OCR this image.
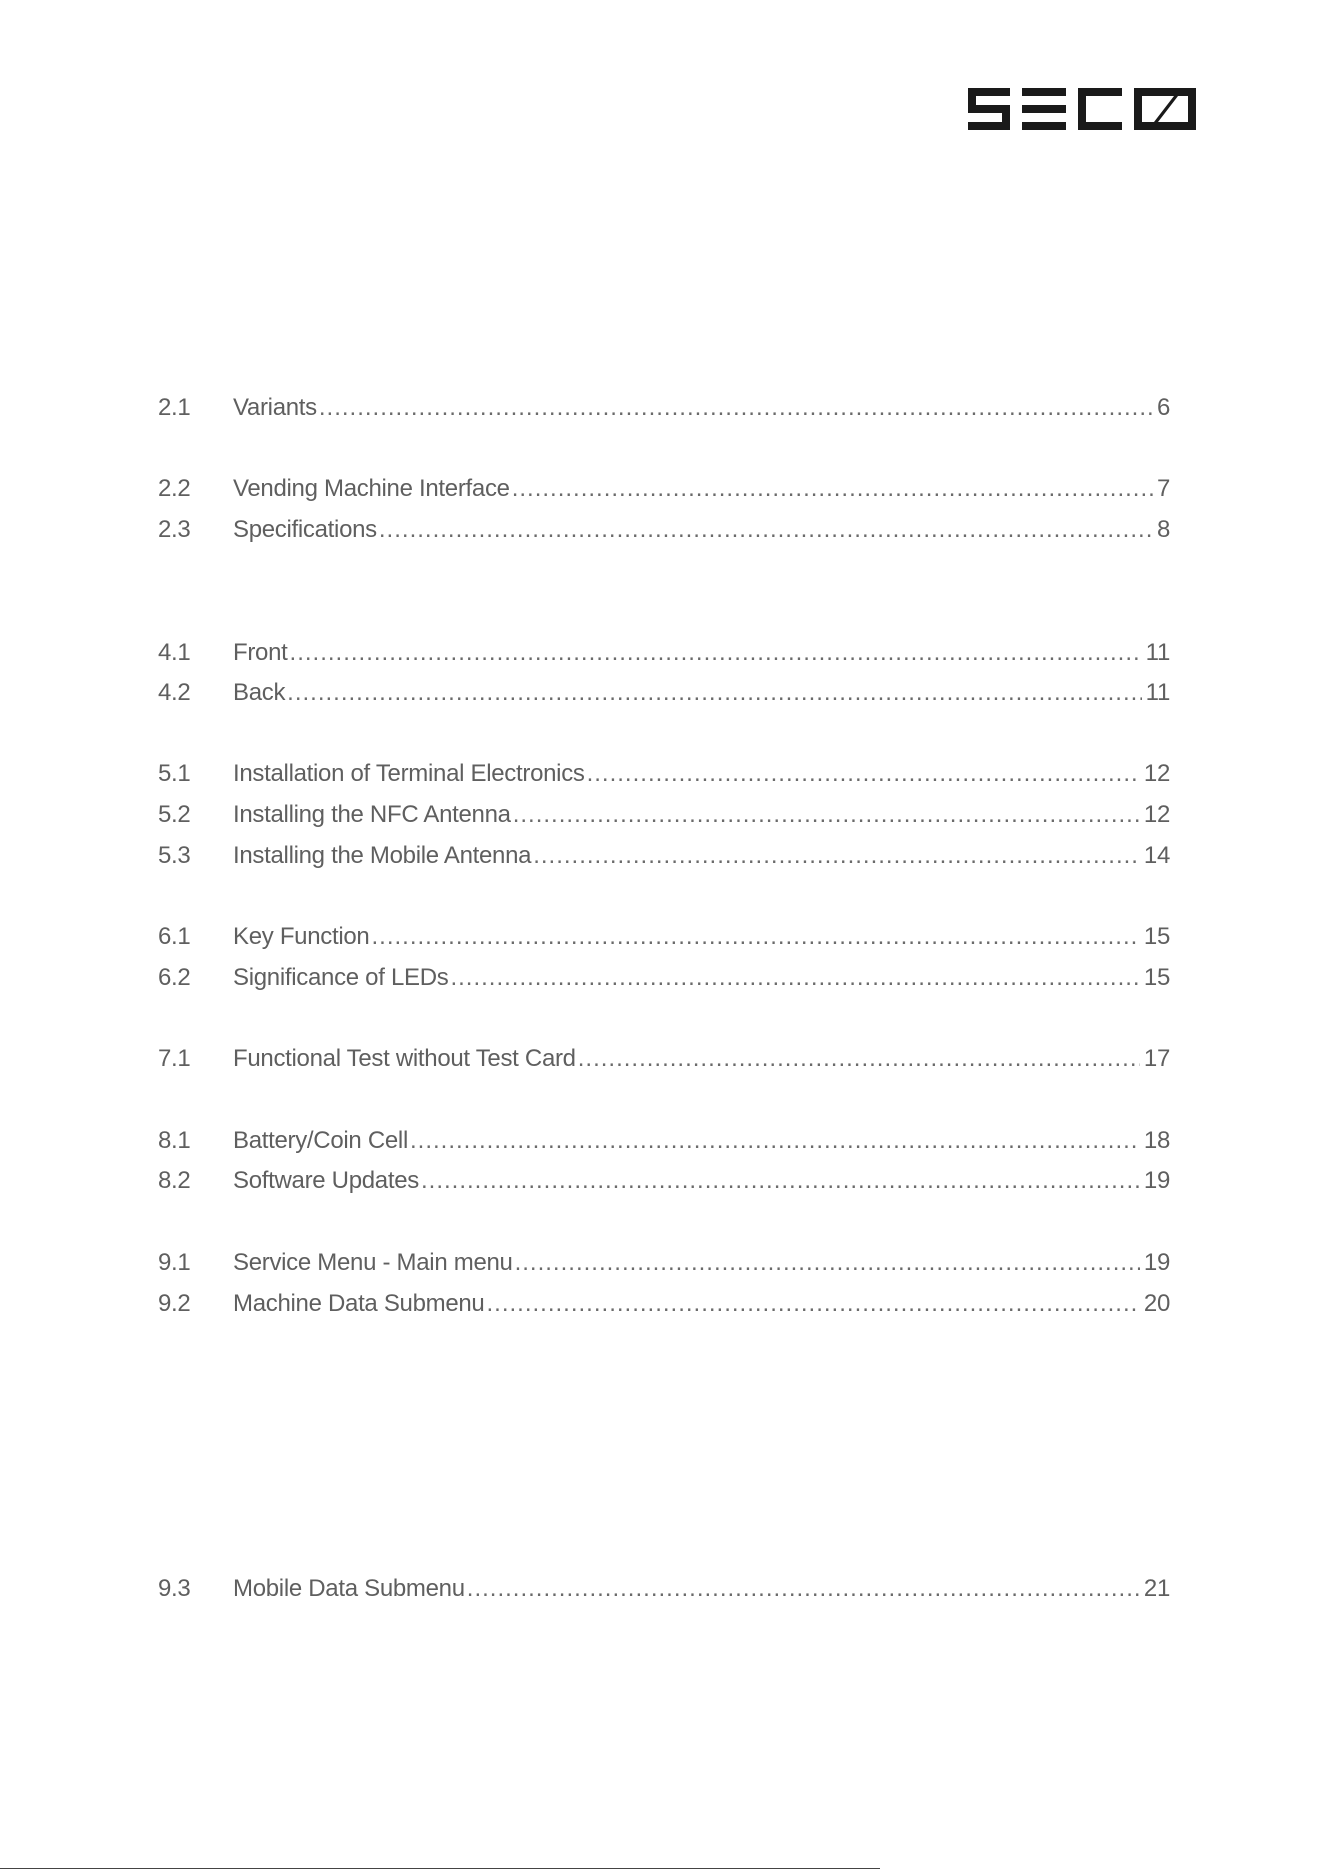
2.1	Variants .....	6
2.2	Vending Machine Interface .....	7
2.3	Specifications .....	8
4.1	Front .....	11
4.2	Back .....	11
5.1	Installation of Terminal Electronics .....	12
5.2	Installing the NFC Antenna .....	12
5.3	Installing the Mobile Antenna .....	14
6.1	Key Function .....	15
6.2	Significance of LEDs .....	15
7.1	Functional Test without Test Card .....	17
8.1	Battery/Coin Cell .....	18
8.2	Software Updates .....	19
9.1	Service Menu - Main menu .....	19
9.2	Machine Data Submenu .....	20
9.3	Mobile Data Submenu .....	21
